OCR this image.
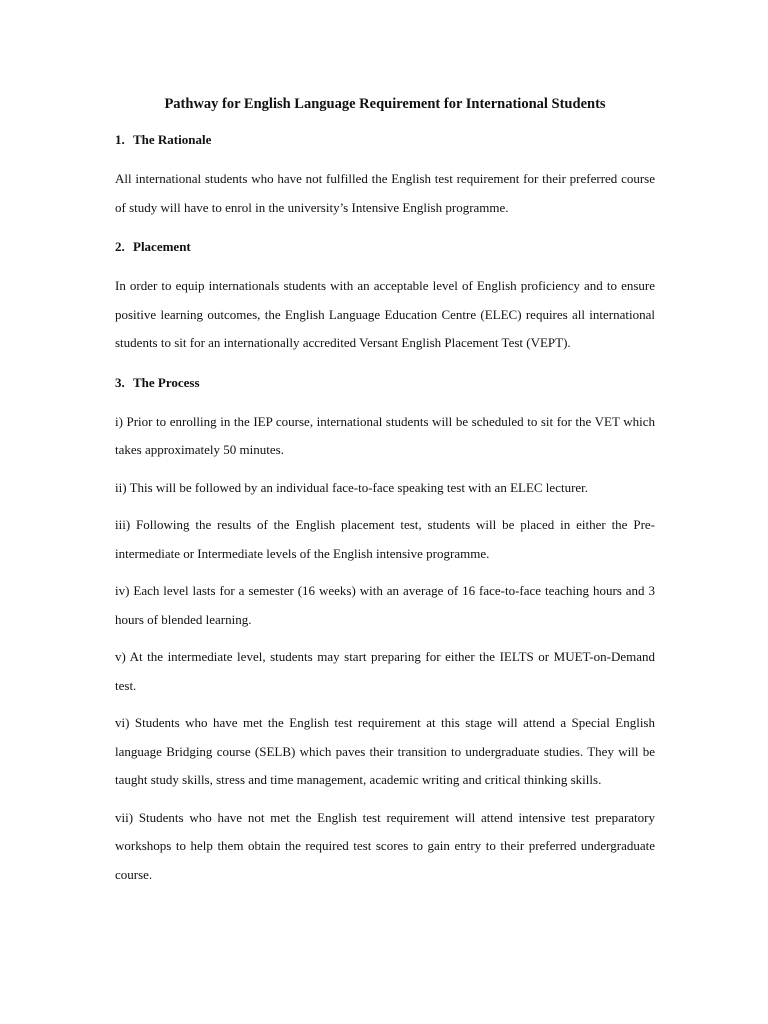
Pathway for English Language Requirement for International Students
1. The Rationale

All international students who have not fulfilled the English test requirement for their preferred course of study will have to enrol in the university’s Intensive English programme.

2. Placement

In order to equip internationals students with an acceptable level of English proficiency and to ensure positive learning outcomes, the English Language Education Centre (ELEC) requires all international students to sit for an internationally accredited Versant English Placement Test (VEPT).

3. The Process

i) Prior to enrolling in the IEP course, international students will be scheduled to sit for the VET which takes approximately 50 minutes.

ii) This will be followed by an individual face-to-face speaking test with an ELEC lecturer.

iii) Following the results of the English placement test, students will be placed in either the Pre-intermediate or Intermediate levels of the English intensive programme.

iv) Each level lasts for a semester (16 weeks) with an average of 16 face-to-face teaching hours and 3 hours of blended learning.

v) At the intermediate level, students may start preparing for either the IELTS or MUET-on-Demand test.

vi) Students who have met the English test requirement at this stage will attend a Special English language Bridging course (SELB) which paves their transition to undergraduate studies. They will be taught study skills, stress and time management, academic writing and critical thinking skills.

vii) Students who have not met the English test requirement will attend intensive test preparatory workshops to help them obtain the required test scores to gain entry to their preferred undergraduate course.
